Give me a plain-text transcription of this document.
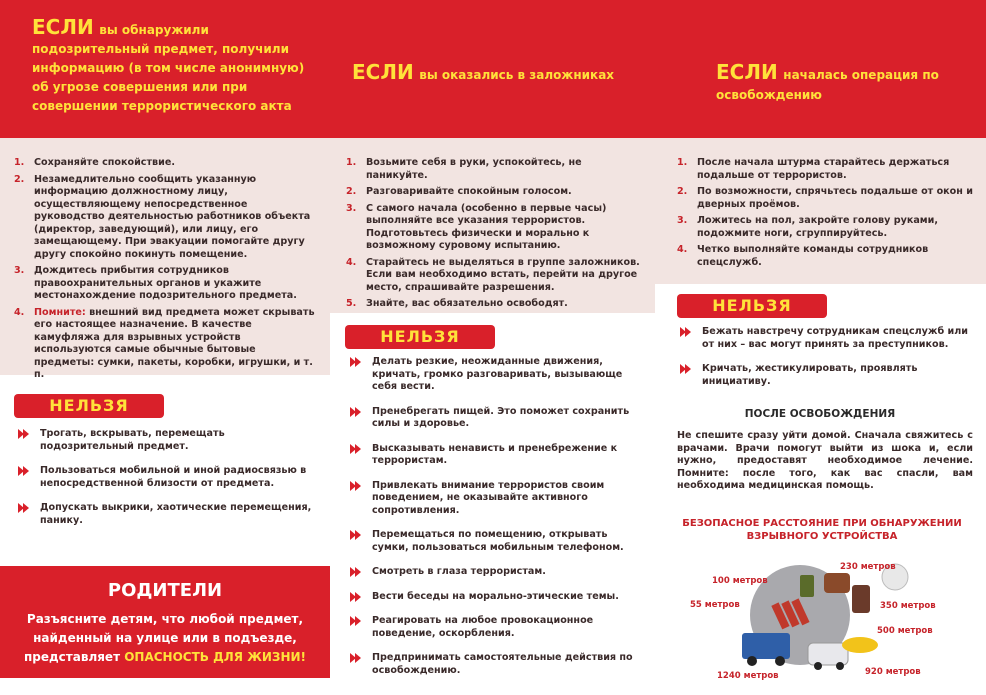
ЕСЛИ вы обнаружили подозрительный предмет, получили информацию (в том числе анонимную) об угрозе совершения или при совершении террористического акта
ЕСЛИ вы оказались в заложниках	ЕСЛИ началась операция по освобождению
1. Сохраняйте спокойствие.
2. Незамедлительно сообщить указанную информацию должностному лицу, осуществляющему непосредственное руководство деятельностью работников объекта (директор, заведующий), или лицу, его замещающему. При эвакуации помогайте другу другу спокойно покинуть помещение.
3. Дождитесь прибытия сотрудников правоохранительных органов и укажите местонахождение подозрительного предмета.
4. Помните: внешний вид предмета может скрывать его настоящее назначение. В качестве камуфляжа для взрывных устройств используются самые обычные бытовые предметы: сумки, пакеты, коробки, игрушки, и т. п.
НЕЛЬЗЯ
Трогать, вскрывать, перемещать подозрительный предмет.
Пользоваться мобильной и иной радиосвязью в непосредственной близости от предмета.
Допускать выкрики, хаотические перемещения, панику.
РОДИТЕЛИ
Разъясните детям, что любой предмет, найденный на улице или в подъезде, представляет ОПАСНОСТЬ ДЛЯ ЖИЗНИ!
1. Возьмите себя в руки, успокойтесь, не паникуйте.
2. Разговаривайте спокойным голосом.
3. С самого начала (особенно в первые часы) выполняйте все указания террористов. Подготовьтесь физически и морально к возможному суровому испытанию.
4. Старайтесь не выделяться в группе заложников. Если вам необходимо встать, перейти на другое место, спрашивайте разрешения.
5. Знайте, вас обязательно освободят.
НЕЛЬЗЯ
Делать резкие, неожиданные движения, кричать, громко разговаривать, вызывающе себя вести.
Пренебрегать пищей. Это поможет сохранить силы и здоровье.
Высказывать ненависть и пренебрежение к террористам.
Привлекать внимание террористов своим поведением, не оказывайте активного сопротивления.
Перемещаться по помещению, открывать сумки, пользоваться мобильным телефоном.
Смотреть в глаза террористам.
Вести беседы на морально-этические темы.
Реагировать на любое провокационное поведение, оскорбления.
Предпринимать самостоятельные действия по освобождению.
1. После начала штурма старайтесь держаться подальше от террористов.
2. По возможности, спрячьтесь подальше от окон и дверных проёмов.
3. Ложитесь на пол, закройте голову руками, подожмите ноги, сгруппируйтесь.
4. Четко выполняйте команды сотрудников спецслужб.
НЕЛЬЗЯ
Бежать навстречу сотрудникам спецслужб или от них – вас могут принять за преступников.
Кричать, жестикулировать, проявлять инициативу.
ПОСЛЕ ОСВОБОЖДЕНИЯ
Не спешите сразу уйти домой. Сначала свяжитесь с врачами. Врачи помогут выйти из шока и, если нужно, предоставят необходимое лечение. Помните: после того, как вас спасли, вам необходима медицинская помощь.
БЕЗОПАСНОЕ РАССТОЯНИЕ ПРИ ОБНАРУЖЕНИИ ВЗРЫВНОГО УСТРОЙСТВА
100 метров
230 метров
55 метров	350 метров
500 метров
920 метров
1240 метров
